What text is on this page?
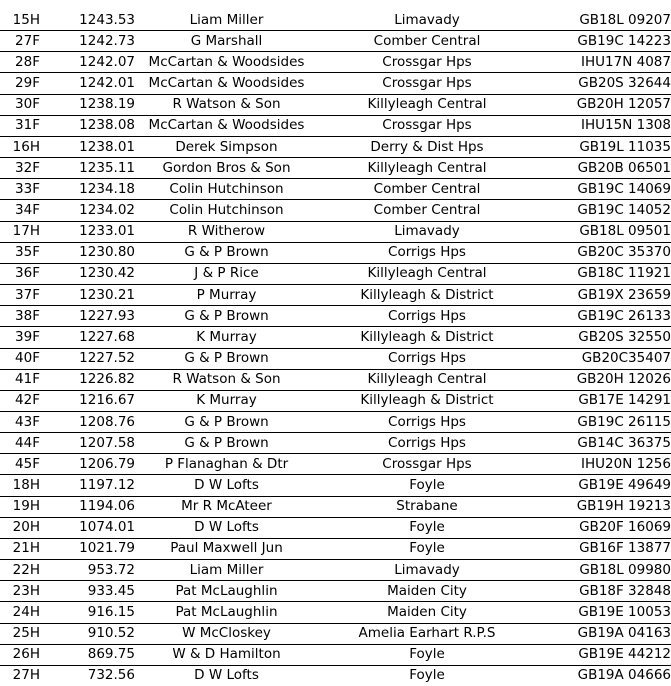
15H	1243.53	Liam Miller	Limavady	GB18L 09207
27F	1242.73	G Marshall	Comber Central	GB19C 14223
28F	1242.07	McCartan & Woodsides	Crossgar Hps	IHU17N 4087
29F	1242.01	McCartan & Woodsides	Crossgar Hps	GB20S 32644
30F	1238.19	R Watson & Son	Killyleagh Central	GB20H 12057
31F	1238.08	McCartan & Woodsides	Crossgar Hps	IHU15N 1308
16H	1238.01	Derek Simpson	Derry & Dist Hps	GB19L 11035
32F	1235.11	Gordon Bros & Son	Killyleagh Central	GB20B 06501
33F	1234.18	Colin Hutchinson	Comber Central	GB19C 14069
34F	1234.02	Colin Hutchinson	Comber Central	GB19C 14052
17H	1233.01	R Witherow	Limavady	GB18L 09501
35F	1230.80	G & P Brown	Corrigs Hps	GB20C 35370
36F	1230.42	J & P Rice	Killyleagh Central	GB18C 11921
37F	1230.21	P Murray	Killyleagh & District	GB19X 23659
38F	1227.93	G & P Brown	Corrigs Hps	GB19C 26133
39F	1227.68	K Murray	Killyleagh & District	GB20S 32550
40F	1227.52	G & P Brown	Corrigs Hps	GB20C35407
41F	1226.82	R Watson & Son	Killyleagh Central	GB20H 12026
42F	1216.67	K Murray	Killyleagh & District	GB17E 14291
43F	1208.76	G & P Brown	Corrigs Hps	GB19C 26115
44F	1207.58	G & P Brown	Corrigs Hps	GB14C 36375
45F	1206.79	P Flanaghan & Dtr	Crossgar Hps	IHU20N 1256
18H	1197.12	D W Lofts	Foyle	GB19E 49649
19H	1194.06	Mr R McAteer	Strabane	GB19H 19213
20H	1074.01	D W Lofts	Foyle	GB20F 16069
21H	1021.79	Paul Maxwell Jun	Foyle	GB16F 13877
22H	953.72	Liam Miller	Limavady	GB18L 09980
23H	933.45	Pat McLaughlin	Maiden City	GB18F 32848
24H	916.15	Pat McLaughlin	Maiden City	GB19E 10053
25H	910.52	W McCloskey	Amelia Earhart R.P.S	GB19A 04163
26H	869.75	W & D Hamilton	Foyle	GB19E 44212
27H	732.56	D W Lofts	Foyle	GB19A 04666
